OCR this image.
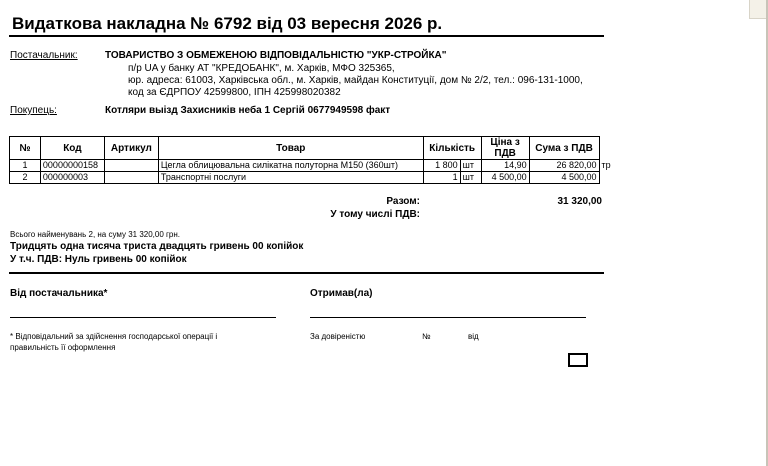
Видаткова накладна № 6792 від 03 вересня 2026 р.
Постачальник:	ТОВАРИСТВО З ОБМЕЖЕНОЮ ВІДПОВІДАЛЬНІСТЮ "УКР-СТРОЙКА"
п/р UA у банку АТ "КРЕДОБАНК", м. Харків, МФО 325365,
юр. адреса: 61003, Харківська обл., м. Харків, майдан Конституції, дом № 2/2, тел.: 096-131-1000,
код за ЄДРПОУ 42599800, ІПН 425998020382
Покупець:	Котляри выізд Захисників неба 1 Сергій 0677949598 факт
№	Код	Артикул	Товар	Кількість	Ціна з ПДВ	Сума з ПДВ	
1	00000000158		Цегла облицювальна силікатна полуторна М150 (360шт)	1 800 шт	14,90	26 820,00	тр
2	000000003		Транспортні послуги	1 шт	4 500,00	4 500,00	
Разом:	31 320,00
У тому числі ПДВ:
Всього найменувань 2, на суму 31 320,00 грн.
Тридцять одна тисяча триста двадцять гривень 00 копійок
У т.ч. ПДВ: Нуль гривень 00 копійок
Від постачальника*	Отримав(ла)
* Відповідальний за здійснення господарської операції і
правильність її оформлення
За довіреністю	№	від
